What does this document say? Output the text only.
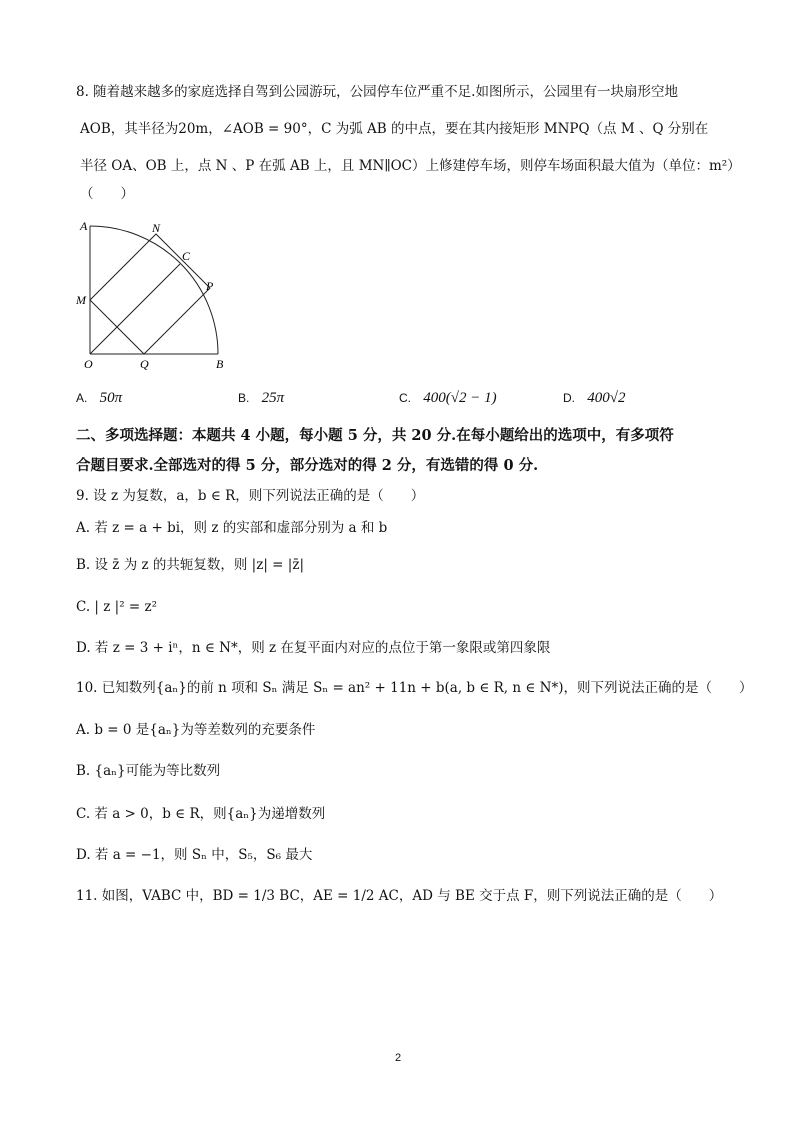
8. 随着越来越多的家庭选择自驾到公园游玩，公园停车位严重不足.如图所示，公园里有一块扇形空地
AOB，其半径为20m，∠AOB = 90°，C 为弧 AB 的中点，要在其内接矩形 MNPQ（点 M 、Q 分别在
半径 OA、OB 上，点 N 、P 在弧 AB 上，且 MN∥OC）上修建停车场，则停车场面积最大值为（单位：m²）
（　　）
A	N
C
P
M
O	Q	B
A. 50π	B. 25π	C. 400(√2 − 1)	D. 400√2
二、多项选择题：本题共 4 小题，每小题 5 分，共 20 分.在每小题给出的选项中，有多项符
合题目要求.全部选对的得 5 分，部分选对的得 2 分，有选错的得 0 分.
9. 设 z 为复数，a，b ∈ R，则下列说法正确的是（　　）
A. 若 z = a + bi，则 z 的实部和虚部分别为 a 和 b
B. 设 z̄ 为 z 的共轭复数，则 |z| = |z̄|
C. | z |² = z²
D. 若 z = 3 + iⁿ，n ∈ N*，则 z 在复平面内对应的点位于第一象限或第四象限
10. 已知数列{aₙ}的前 n 项和 Sₙ 满足 Sₙ = an² + 11n + b(a, b ∈ R, n ∈ N*)，则下列说法正确的是（　　）
A. b = 0 是{aₙ}为等差数列的充要条件
B. {aₙ}可能为等比数列
C. 若 a > 0，b ∈ R，则{aₙ}为递增数列
D. 若 a = −1，则 Sₙ 中，S₅，S₆ 最大
11. 如图，VABC 中，BD = 1/3 BC，AE = 1/2 AC，AD 与 BE 交于点 F，则下列说法正确的是（　　）
2
